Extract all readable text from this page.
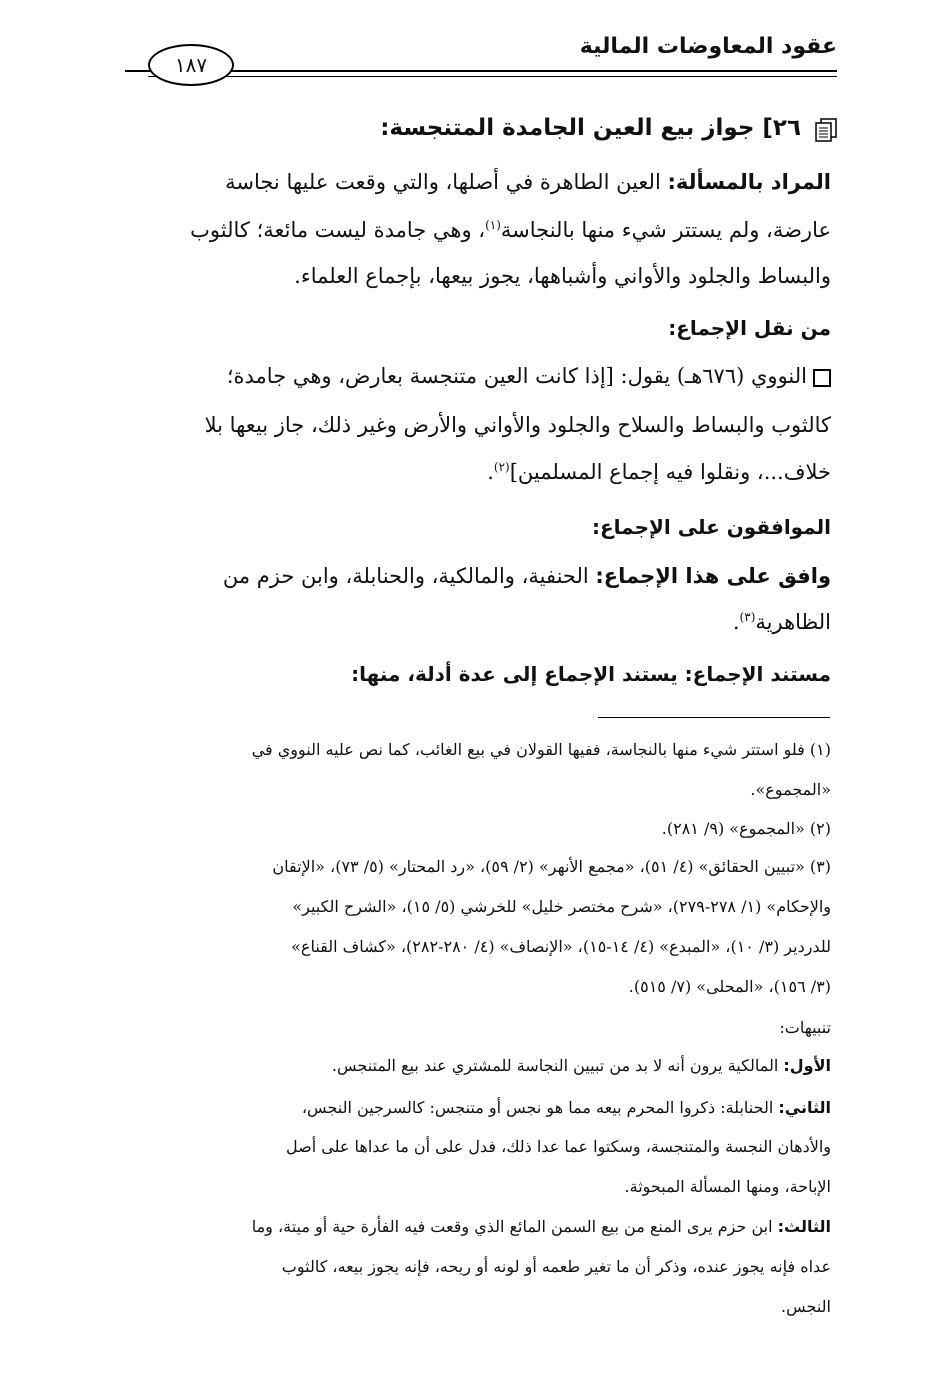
عقود المعاوضات المالية
١٨٧
٢٦] جواز بيع العين الجامدة المتنجسة:
المراد بالمسألة: العين الطاهرة في أصلها، والتي وقعت عليها نجاسة
عارضة، ولم يستتر شيء منها بالنجاسة$^{(١)}$، وهي جامدة ليست مائعة؛ كالثوب
والبساط والجلود والأواني وأشباهها، يجوز بيعها، بإجماع العلماء.
من نقل الإجماع:
النووي (٦٧٦هـ) يقول: [إذا كانت العين متنجسة بعارض، وهي جامدة؛
كالثوب والبساط والسلاح والجلود والأواني والأرض وغير ذلك، جاز بيعها بلا
خلاف...، ونقلوا فيه إجماع المسلمين]$^{(٢)}$.
الموافقون على الإجماع:
وافق على هذا الإجماع: الحنفية، والمالكية، والحنابلة، وابن حزم من
الظاهرية$^{(٣)}$.
مستند الإجماع: يستند الإجماع إلى عدة أدلة، منها:
(١) فلو استتر شيء منها بالنجاسة، ففيها القولان في بيع الغائب، كما نص عليه النووي في
«المجموع».
(٢) «المجموع» (٩/ ٢٨١).
(٣) «تبيين الحقائق» (٤/ ٥١)، «مجمع الأنهر» (٢/ ٥٩)، «رد المحتار» (٥/ ٧٣)، «الإتقان
والإحكام» (١/ ٢٧٨-٢٧٩)، «شرح مختصر خليل» للخرشي (٥/ ١٥)، «الشرح الكبير»
للدردير (٣/ ١٠)، «المبدع» (٤/ ١٤-١٥)، «الإنصاف» (٤/ ٢٨٠-٢٨٢)، «كشاف القناع»
(٣/ ١٥٦)، «المحلى» (٧/ ٥١٥).
تنبيهات:
الأول: المالكية يرون أنه لا بد من تبيين النجاسة للمشتري عند بيع المتنجس.
الثاني: الحنابلة: ذكروا المحرم بيعه مما هو نجس أو متنجس: كالسرجين النجس،
والأدهان النجسة والمتنجسة، وسكتوا عما عدا ذلك، فدل على أن ما عداها على أصل
الإباحة، ومنها المسألة المبحوثة.
الثالث: ابن حزم يرى المنع من بيع السمن المائع الذي وقعت فيه الفأرة حية أو ميتة، وما
عداه فإنه يجوز عنده، وذكر أن ما تغير طعمه أو لونه أو ريحه، فإنه يجوز بيعه، كالثوب
النجس.
